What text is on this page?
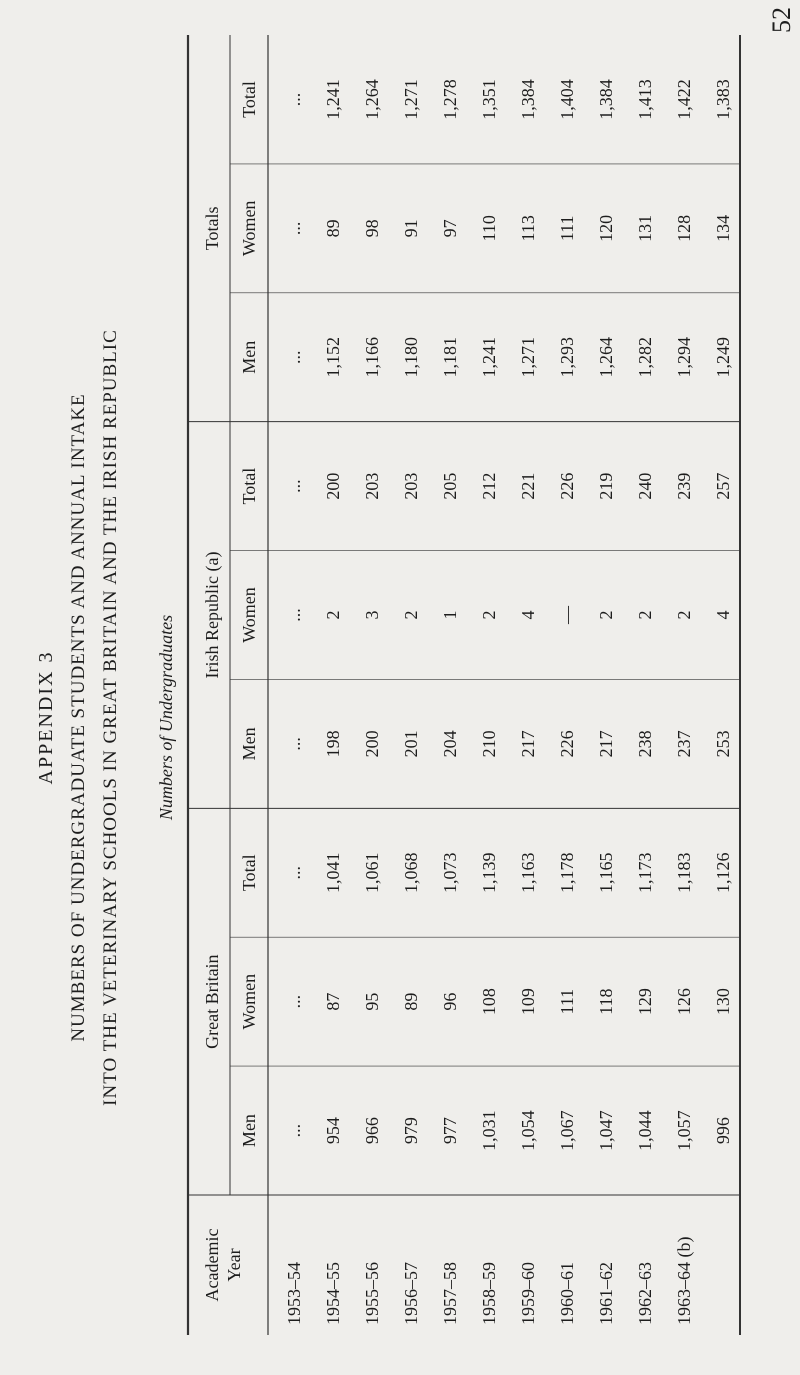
APPENDIX 3 NUMBERS OF UNDERGRADUATE STUDENTS AND ANNUAL INTAKE INTO THE VETERINARY SCHOOLS IN GREAT BRITAIN AND THE IRISH REPUBLIC Numbers of Undergraduates
Academic Year
Great Britain
Irish Republic (a)
Totals
Men
Women
Total
Men
Women
Total
Men
Women
Total
1953–54
...
...
...
...
...
...
...
...
...
1954–55
954
87
1,041
198
2
200
1,152
89
1,241
1955–56
966
95
1,061
200
3
203
1,166
98
1,264
1956–57
979
89
1,068
201
2
203
1,180
91
1,271
1957–58
977
96
1,073
204
1
205
1,181
97
1,278
1958–59
1,031
108
1,139
210
2
212
1,241
110
1,351
1959–60
1,054
109
1,163
217
4
221
1,271
113
1,384
1960–61
1,067
111
1,178
226
—
226
1,293
111
1,404
1961–62
1,047
118
1,165
217
2
219
1,264
120
1,384
1962–63
1,044
129
1,173
238
2
240
1,282
131
1,413
1963–64 (b)
1,057
126
1,183
237
2
239
1,294
128
1,422
996
130
1,126
253
4
257
1,249
134
1,383
52
